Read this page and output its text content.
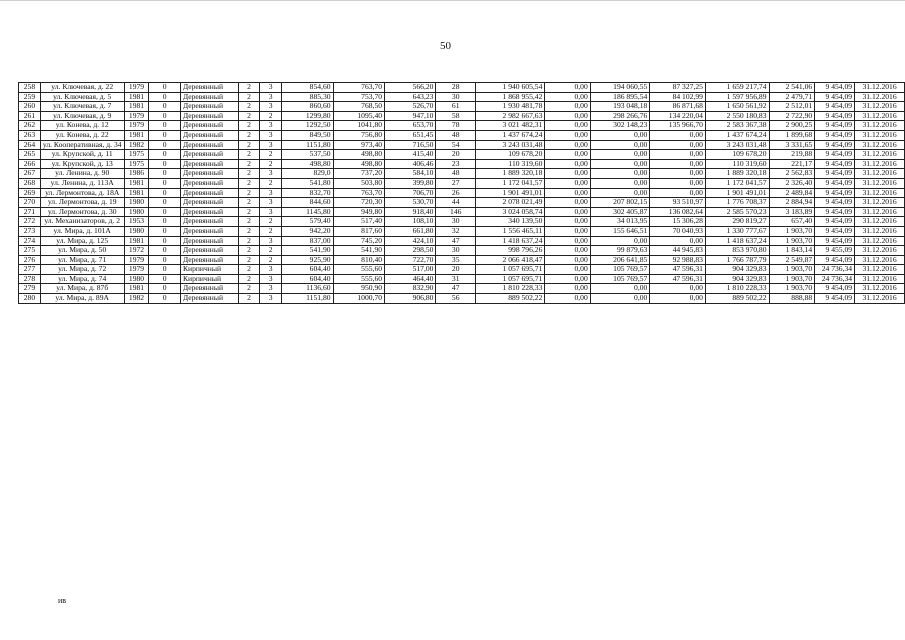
50
258	ул. Ключевая, д. 22	1979	0	Деревянный	2	3	854,60	763,70	566,20	28	1 940 605,54	0,00	194 060,55	87 327,25	1 659 217,74	2 541,06	9 454,09	31.12.2016
259	ул. Ключевая, д. 5	1981	0	Деревянный	2	3	885,30	753,70	643,23	30	1 868 955,42	0,00	186 895,54	84 102,99	1 597 956,89	2 479,71	9 454,09	31.12.2016
260	ул. Ключевая, д. 7	1981	0	Деревянный	2	3	860,60	768,50	526,70	61	1 930 481,78	0,00	193 048,18	86 871,68	1 650 561,92	2 512,01	9 454,09	31.12.2016
261	ул. Ключевая, д. 9	1979	0	Деревянный	2	2	1299,80	1095,40	947,10	58	2 982 667,63	0,00	298 266,76	134 220,04	2 550 180,83	2 722,90	9 454,09	31.12.2016
262	ул. Конева, д. 12	1979	0	Деревянный	2	3	1292,50	1041,80	653,70	78	3 021 482,31	0,00	302 148,23	135 966,70	2 583 367,38	2 900,25	9 454,09	31.12.2016
263	ул. Конева, д. 22	1981	0	Деревянный	2	3	849,50	756,80	651,45	48	1 437 674,24	0,00	0,00	0,00	1 437 674,24	1 899,68	9 454,09	31.12.2016
264	ул. Кооперативная, д. 34	1982	0	Деревянный	2	3	1151,80	973,40	716,50	54	3 243 031,48	0,00	0,00	0,00	3 243 031,48	3 331,65	9 454,09	31.12.2016
265	ул. Крупской, д. 11	1975	0	Деревянный	2	2	537,50	498,80	415,40	20	109 678,20	0,00	0,00	0,00	109 678,20	219,88	9 454,09	31.12.2016
266	ул. Крупской, д. 13	1975	0	Деревянный	2	2	498,80	498,80	406,46	23	110 319,60	0,00	0,00	0,00	110 319,60	221,17	9 454,09	31.12.2016
267	ул. Ленина, д. 90	1986	0	Деревянный	2	3	829,0	737,20	584,10	48	1 889 320,18	0,00	0,00	0,00	1 889 320,18	2 562,83	9 454,09	31.12.2016
268	ул. Ленина, д. 113А	1981	0	Деревянный	2	2	541,80	503,80	399,80	27	1 172 041,57	0,00	0,00	0,00	1 172 041,57	2 326,40	9 454,09	31.12.2016
269	ул. Лермонтова, д. 18А	1981	0	Деревянный	2	3	832,70	763,70	706,70	26	1 901 491,01	0,00	0,00	0,00	1 901 491,01	2 489,84	9 454,09	31.12.2016
270	ул. Лермонтова, д. 19	1980	0	Деревянный	2	3	844,60	720,30	530,70	44	2 078 021,49	0,00	207 802,15	93 510,97	1 776 708,37	2 884,94	9 454,09	31.12.2016
271	ул. Лермонтова, д. 30	1980	0	Деревянный	2	3	1145,80	949,80	918,40	146	3 024 058,74	0,00	302 405,87	136 082,64	2 585 570,23	3 183,89	9 454,09	31.12.2016
272	ул. Механизаторов, д. 2	1953	0	Деревянный	2	2	579,40	517,40	108,10	30	340 139,50	0,00	34 013,95	15 306,28	290 819,27	657,40	9 454,09	31.12.2016
273	ул. Мира, д. 101А	1980	0	Деревянный	2	2	942,20	817,60	661,80	32	1 556 465,11	0,00	155 646,51	70 040,93	1 330 777,67	1 903,70	9 454,09	31.12.2016
274	ул. Мира, д. 125	1981	0	Деревянный	2	3	837,00	745,20	424,10	47	1 418 637,24	0,00	0,00	0,00	1 418 637,24	1 903,70	9 454,09	31.12.2016
275	ул. Мира, д. 50	1972	0	Деревянный	2	2	541,90	541,90	298,50	30	998 796,26	0,00	99 879,63	44 945,83	853 970,80	1 843,14	9 455,09	31.12.2016
276	ул. Мира, д. 71	1979	0	Деревянный	2	2	925,90	810,40	722,70	35	2 066 418,47	0,00	206 641,85	92 988,83	1 766 787,79	2 549,87	9 454,09	31.12.2016
277	ул. Мира, д. 72	1979	0	Кирпичный	2	3	604,40	555,60	517,00	20	1 057 695,71	0,00	105 769,57	47 596,31	904 329,83	1 903,70	24 736,34	31.12.2016
278	ул. Мира, д. 74	1980	0	Кирпичный	2	3	604,40	555,60	464,40	31	1 057 695,71	0,00	105 769,57	47 596,31	904 329,83	1 903,70	24 736,34	31.12.2016
279	ул. Мира, д. 87б	1981	0	Деревянный	2	3	1136,60	950,90	832,90	47	1 810 228,33	0,00	0,00	0,00	1 810 228,33	1 903,70	9 454,09	31.12.2016
280	ул. Мира, д. 89А	1982	0	Деревянный	2	3	1151,80	1000,70	906,80	56	889 502,22	0,00	0,00	0,00	889 502,22	888,88	9 454,09	31.12.2016
ив
